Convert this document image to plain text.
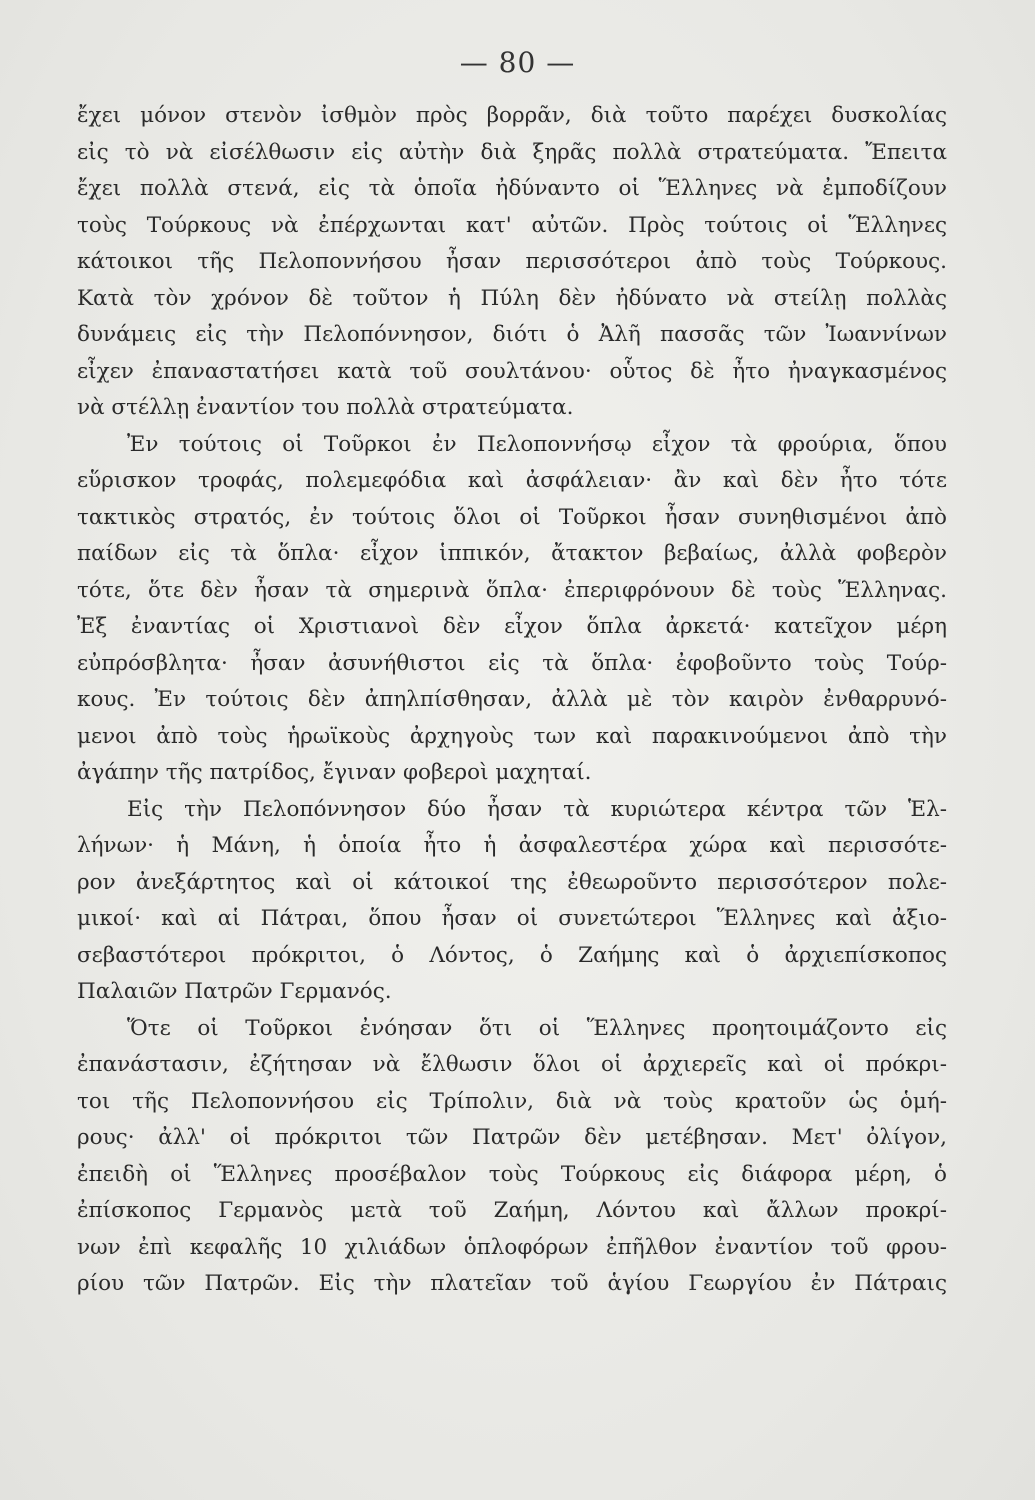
— 80 —
ἔχει μόνον στενὸν ἰσθμὸν πρὸς βορρᾶν, διὰ τοῦτο παρέχει δυσκολίας
εἰς τὸ νὰ εἰσέλθωσιν εἰς αὐτὴν διὰ ξηρᾶς πολλὰ στρατεύματα. Ἔπειτα
ἔχει πολλὰ στενά, εἰς τὰ ὁποῖα ἠδύναντο οἱ Ἕλληνες νὰ ἐμποδίζουν
τοὺς Τούρκους νὰ ἐπέρχωνται κατ' αὐτῶν. Πρὸς τούτοις οἱ Ἕλληνες
κάτοικοι τῆς Πελοποννήσου ἦσαν περισσότεροι ἀπὸ τοὺς Τούρκους.
Κατὰ τὸν χρόνον δὲ τοῦτον ἡ Πύλη δὲν ἠδύνατο νὰ στείλῃ πολλὰς
δυνάμεις εἰς τὴν Πελοπόννησον, διότι ὁ Ἀλῆ πασσᾶς τῶν Ἰωαννίνων
εἶχεν ἐπαναστατήσει κατὰ τοῦ σουλτάνου· οὗτος δὲ ἦτο ἠναγκασμένος
νὰ στέλλῃ ἐναντίον του πολλὰ στρατεύματα.
Ἐν τούτοις οἱ Τοῦρκοι ἐν Πελοποννήσῳ εἶχον τὰ φρούρια, ὅπου
εὕρισκον τροφάς, πολεμεφόδια καὶ ἀσφάλειαν· ἂν καὶ δὲν ἦτο τότε
τακτικὸς στρατός, ἐν τούτοις ὅλοι οἱ Τοῦρκοι ἦσαν συνηθισμένοι ἀπὸ
παίδων εἰς τὰ ὅπλα· εἶχον ἱππικόν, ἄτακτον βεβαίως, ἀλλὰ φοβερὸν
τότε, ὅτε δὲν ἦσαν τὰ σημερινὰ ὅπλα· ἐπεριφρόνουν δὲ τοὺς Ἕλληνας.
Ἐξ ἐναντίας οἱ Χριστιανοὶ δὲν εἶχον ὅπλα ἀρκετά· κατεῖχον μέρη
εὐπρόσβλητα· ἦσαν ἀσυνήθιστοι εἰς τὰ ὅπλα· ἐφοβοῦντο τοὺς Τούρ-
κους. Ἐν τούτοις δὲν ἀπηλπίσθησαν, ἀλλὰ μὲ τὸν καιρὸν ἐνθαρρυνό-
μενοι ἀπὸ τοὺς ἡρωϊκοὺς ἀρχηγοὺς των καὶ παρακινούμενοι ἀπὸ τὴν
ἀγάπην τῆς πατρίδος, ἔγιναν φοβεροὶ μαχηταί.
Εἰς τὴν Πελοπόννησον δύο ἦσαν τὰ κυριώτερα κέντρα τῶν Ἑλ-
λήνων· ἡ Μάνη, ἡ ὁποία ἦτο ἡ ἀσφαλεστέρα χώρα καὶ περισσότε-
ρον ἀνεξάρτητος καὶ οἱ κάτοικοί της ἐθεωροῦντο περισσότερον πολε-
μικοί· καὶ αἱ Πάτραι, ὅπου ἦσαν οἱ συνετώτεροι Ἕλληνες καὶ ἀξιο-
σεβαστότεροι πρόκριτοι, ὁ Λόντος, ὁ Ζαήμης καὶ ὁ ἀρχιεπίσκοπος
Παλαιῶν Πατρῶν Γερμανός.
Ὅτε οἱ Τοῦρκοι ἐνόησαν ὅτι οἱ Ἕλληνες προητοιμάζοντο εἰς
ἐπανάστασιν, ἐζήτησαν νὰ ἔλθωσιν ὅλοι οἱ ἀρχιερεῖς καὶ οἱ πρόκρι-
τοι τῆς Πελοποννήσου εἰς Τρίπολιν, διὰ νὰ τοὺς κρατοῦν ὡς ὁμή-
ρους· ἀλλ' οἱ πρόκριτοι τῶν Πατρῶν δὲν μετέβησαν. Μετ' ὀλίγον,
ἐπειδὴ οἱ Ἕλληνες προσέβαλον τοὺς Τούρκους εἰς διάφορα μέρη, ὁ
ἐπίσκοπος Γερμανὸς μετὰ τοῦ Ζαήμη, Λόντου καὶ ἄλλων προκρί-
νων ἐπὶ κεφαλῆς 10 χιλιάδων ὁπλοφόρων ἐπῆλθον ἐναντίον τοῦ φρου-
ρίου τῶν Πατρῶν. Εἰς τὴν πλατεῖαν τοῦ ἁγίου Γεωργίου ἐν Πάτραις
